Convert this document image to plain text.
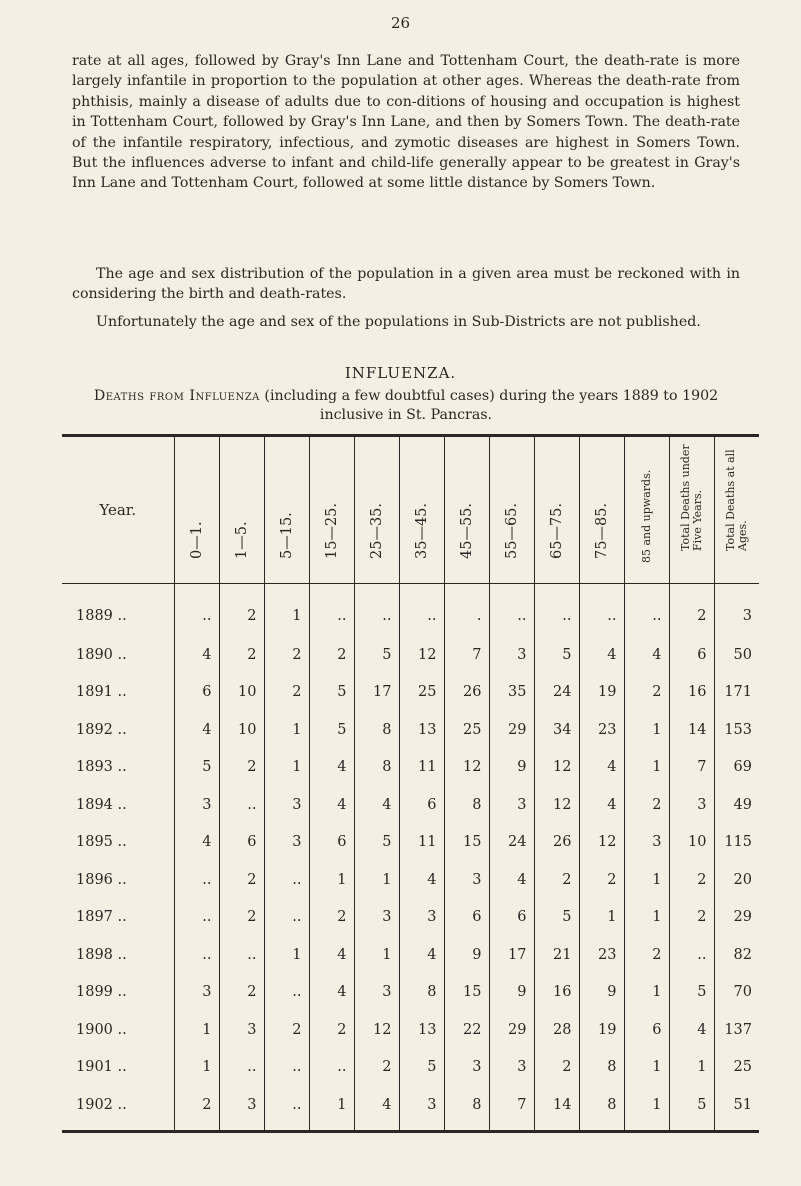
26

rate at all ages, followed by Gray's Inn Lane and Tottenham Court, the death-rate is more largely infantile in proportion to the population at other ages. Whereas the death-rate from phthisis, mainly a disease of adults due to con-ditions of housing and occupation is highest in Tottenham Court, followed by Gray's Inn Lane, and then by Somers Town. The death-rate of the infantile respiratory, infectious, and zymotic diseases are highest in Somers Town. But the influences adverse to infant and child-life generally appear to be greatest in Gray's Inn Lane and Tottenham Court, followed at some little distance by Somers Town.

The age and sex distribution of the population in a given area must be reckoned with in considering the birth and death-rates.

Unfortunately the age and sex of the populations in Sub-Districts are not published.

INFLUENZA.
Deaths from Influenza (including a few doubtful cases) during the years 1889 to 1902 inclusive in St. Pancras.
Year.	0—1.	1—5.	5—15.	15—25.	25—35.	35—45.	45—55.	55—65.	65—75.	75—85.	85 and upwards.	Total Deaths under Five Years.	Total Deaths at all Ages.

1889 ..	..	2	1	..	..	..	.	..	..	..	..	2	3
1890 ..	4	2	2	2	5	12	7	3	5	4	4	6	50
1891 ..	6	10	2	5	17	25	26	35	24	19	2	16	171
1892 ..	4	10	1	5	8	13	25	29	34	23	1	14	153
1893 ..	5	2	1	4	8	11	12	9	12	4	1	7	69
1894 ..	3	..	3	4	4	6	8	3	12	4	2	3	49
1895 ..	4	6	3	6	5	11	15	24	26	12	3	10	115
1896 ..	..	2	..	1	1	4	3	4	2	2	1	2	20
1897 ..	..	2	..	2	3	3	6	6	5	1	1	2	29
1898 ..	..	..	1	4	1	4	9	17	21	23	2	..	82
1899 ..	3	2	..	4	3	8	15	9	16	9	1	5	70
1900 ..	1	3	2	2	12	13	22	29	28	19	6	4	137
1901 ..	1	..	..	..	2	5	3	3	2	8	1	1	25
1902 ..	2	3	..	1	4	3	8	7	14	8	1	5	51
